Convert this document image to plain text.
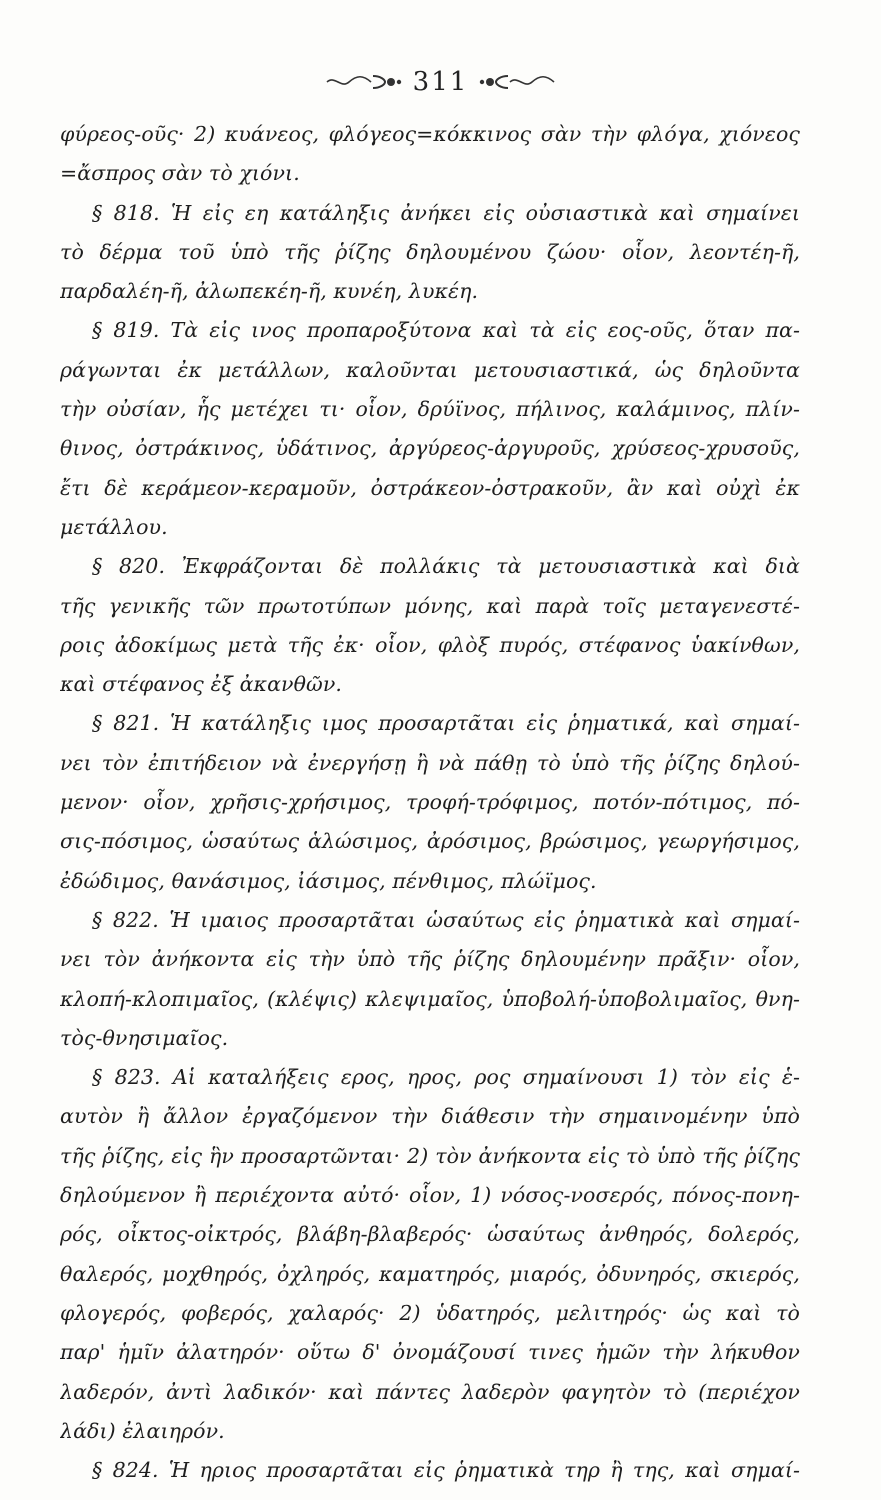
311
φύρεος-οῦς· 2) κυάνεος, φλόγεος=κόκκινος σὰν τὴν φλόγα, χιόνεος
=ἄσπρος σὰν τὸ χιόνι.
§ 818. Ἡ εἰς εη κατάληξις ἀνήκει εἰς οὐσιαστικὰ καὶ σημαίνει
τὸ δέρμα τοῦ ὑπὸ τῆς ῥίζης δηλουμένου ζώου· οἷον, λεοντέη-ῆ,
παρδαλέη-ῆ, ἀλωπεκέη-ῆ, κυνέη, λυκέη.
§ 819. Τὰ εἰς ινος προπαροξύτονα καὶ τὰ εἰς εος-οῦς, ὅταν πα-
ράγωνται ἐκ μετάλλων, καλοῦνται μετουσιαστικά, ὡς δηλοῦντα
τὴν οὐσίαν, ἧς μετέχει τι· οἷον, δρύϊνος, πήλινος, καλάμινος, πλίν-
θινος, ὀστράκινος, ὑδάτινος, ἀργύρεος-ἀργυροῦς, χρύσεος-χρυσοῦς,
ἔτι δὲ κεράμεον-κεραμοῦν, ὀστράκεον-ὀστρακοῦν, ἂν καὶ οὐχὶ ἐκ
μετάλλου.
§ 820. Ἐκφράζονται δὲ πολλάκις τὰ μετουσιαστικὰ καὶ διὰ
τῆς γενικῆς τῶν πρωτοτύπων μόνης, καὶ παρὰ τοῖς μεταγενεστέ-
ροις ἀδοκίμως μετὰ τῆς ἐκ· οἷον, φλὸξ πυρός, στέφανος ὑακίνθων,
καὶ στέφανος ἐξ ἀκανθῶν.
§ 821. Ἡ κατάληξις ιμος προσαρτᾶται εἰς ῥηματικά, καὶ σημαί-
νει τὸν ἐπιτήδειον νὰ ἐνεργήσῃ ἢ νὰ πάθῃ τὸ ὑπὸ τῆς ῥίζης δηλού-
μενον· οἷον, χρῆσις-χρήσιμος, τροφή-τρόφιμος, ποτόν-πότιμος, πό-
σις-πόσιμος, ὡσαύτως ἁλώσιμος, ἀρόσιμος, βρώσιμος, γεωργήσιμος,
ἐδώδιμος, θανάσιμος, ἰάσιμος, πένθιμος, πλώϊμος.
§ 822. Ἡ ιμαιος προσαρτᾶται ὡσαύτως εἰς ῥηματικὰ καὶ σημαί-
νει τὸν ἀνήκοντα εἰς τὴν ὑπὸ τῆς ῥίζης δηλουμένην πρᾶξιν· οἷον,
κλοπή-κλοπιμαῖος, (κλέψις) κλεψιμαῖος, ὑποβολή-ὑποβολιμαῖος, θνη-
τὸς-θνησιμαῖος.
§ 823. Αἱ καταλήξεις ερος, ηρος, ρος σημαίνουσι 1) τὸν εἰς ἑ-
αυτὸν ἢ ἄλλον ἐργαζόμενον τὴν διάθεσιν τὴν σημαινομένην ὑπὸ
τῆς ῥίζης, εἰς ἣν προσαρτῶνται· 2) τὸν ἀνήκοντα εἰς τὸ ὑπὸ τῆς ῥίζης
δηλούμενον ἢ περιέχοντα αὐτό· οἷον, 1) νόσος-νοσερός, πόνος-πονη-
ρός, οἶκτος-οἰκτρός, βλάβη-βλαβερός· ὡσαύτως ἀνθηρός, δολερός,
θαλερός, μοχθηρός, ὀχληρός, καματηρός, μιαρός, ὀδυνηρός, σκιερός,
φλογερός, φοβερός, χαλαρός· 2) ὑδατηρός, μελιτηρός· ὡς καὶ τὸ
παρ' ἡμῖν ἀλατηρόν· οὕτω δ' ὀνομάζουσί τινες ἡμῶν τὴν λήκυθον
λαδερόν, ἀντὶ λαδικόν· καὶ πάντες λαδερὸν φαγητὸν τὸ (περιέχον
λάδι) ἐλαιηρόν.
§ 824. Ἡ ηριος προσαρτᾶται εἰς ῥηματικὰ τηρ ἢ της, καὶ σημαί-
